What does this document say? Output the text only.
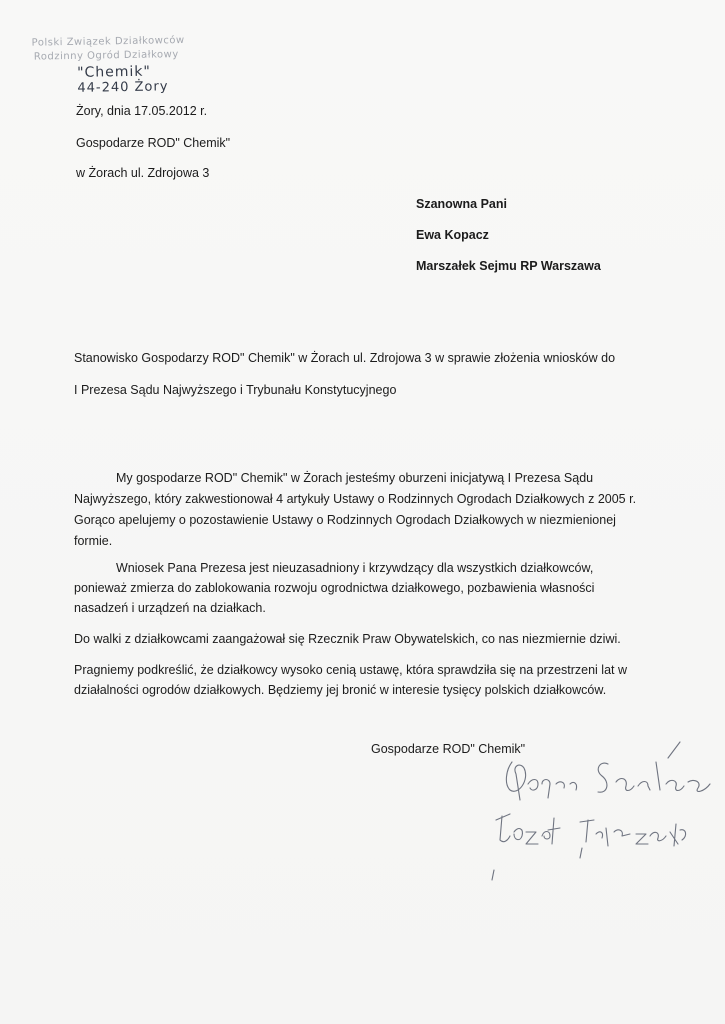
Polski Związek Działkowców
Rodzinny Ogród Działkowy
"Chemik"
44-240 Żory
Żory, dnia 17.05.2012 r.
Gospodarze ROD" Chemik"
w Żorach ul. Zdrojowa 3
Szanowna Pani
Ewa Kopacz
Marszałek Sejmu RP Warszawa
Stanowisko Gospodarzy ROD" Chemik" w Żorach ul. Zdrojowa 3 w sprawie złożenia wniosków do
I Prezesa Sądu Najwyższego i Trybunału Konstytucyjnego
My gospodarze ROD" Chemik" w Żorach jesteśmy oburzeni inicjatywą I Prezesa Sądu
Najwyższego, który zakwestionował 4 artykuły Ustawy o Rodzinnych Ogrodach Działkowych z 2005 r.
Gorąco apelujemy o pozostawienie Ustawy o Rodzinnych Ogrodach Działkowych w niezmienionej
formie.
Wniosek Pana Prezesa jest nieuzasadniony i krzywdzący dla wszystkich działkowców,
ponieważ zmierza do zablokowania rozwoju ogrodnictwa działkowego, pozbawienia własności
nasadzeń i urządzeń na działkach.
Do walki z działkowcami zaangażował się Rzecznik Praw Obywatelskich, co nas niezmiernie dziwi.
Pragniemy podkreślić, że działkowcy wysoko cenią ustawę, która sprawdziła się na przestrzeni lat w
działalności ogrodów działkowych. Będziemy jej bronić w interesie tysięcy polskich działkowców.
Gospodarze ROD" Chemik"
